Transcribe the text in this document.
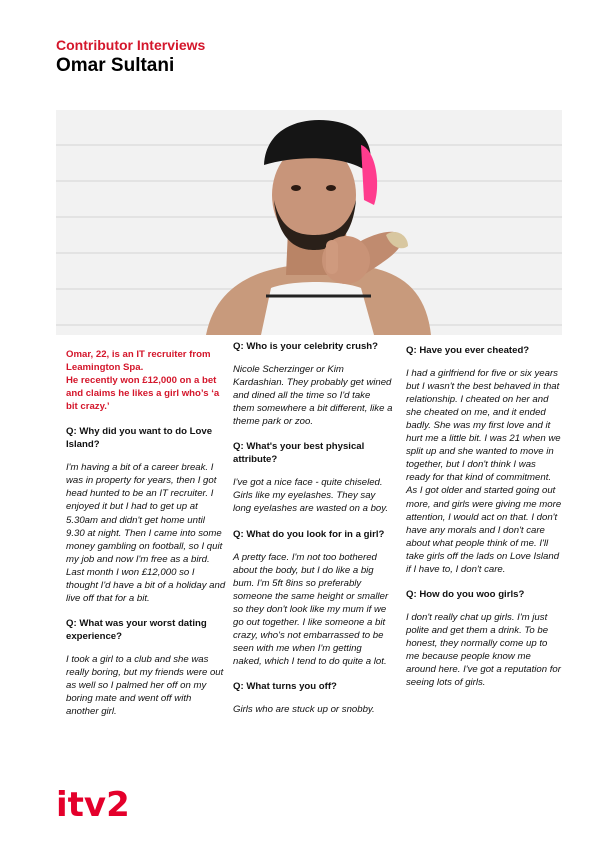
Contributor Interviews
Omar Sultani

Omar, 22, is an IT recruiter from Leamington Spa.

He recently won £12,000 on a bet and claims he likes a girl who’s ‘a bit crazy.’

Q: Why did you want to do Love Island?

I'm having a bit of a career break. I was in property for years, then I got head hunted to be an IT recruiter. I enjoyed it but I had to get up at 5.30am and didn't get home until 9.30 at night. Then I came into some money gambling on football, so I quit my job and now I'm free as a bird. Last month I won £12,000 so I thought I'd have a bit of a holiday and live off that for a bit.

Q: What was your worst dating experience?

I took a girl to a club and she was really boring, but my friends were out as well so I palmed her off on my boring mate and went off with another girl.

Q: Who is your celebrity crush?

Nicole Scherzinger or Kim Kardashian. They probably get wined and dined all the time so I'd take them somewhere a bit different, like a theme park or zoo.

Q: What's your best physical attribute?

I've got a nice face - quite chiseled. Girls like my eyelashes. They say long eyelashes are wasted on a boy.

Q: What do you look for in a girl?

A pretty face. I'm not too bothered about the body, but I do like a big bum. I'm 5ft 8ins so preferably someone the same height or smaller so they don't look like my mum if we go out together. I like someone a bit crazy, who's not embarrassed to be seen with me when I'm getting naked, which I tend to do quite a lot.

Q: What turns you off?

Girls who are stuck up or snobby.

Q: Have you ever cheated?

I had a girlfriend for five or six years but I wasn't the best behaved in that relationship. I cheated on her and she cheated on me, and it ended badly. She was my first love and it hurt me a little bit. I was 21 when we split up and she wanted to move in together, but I don't think I was ready for that kind of commitment. As I got older and started going out more, and girls were giving me more attention, I would act on that. I don't have any morals and I don't care about what people think of me. I'll take girls off the lads on Love Island if I have to, I don't care.

Q: How do you woo girls?

I don't really chat up girls. I'm just polite and get them a drink. To be honest, they normally come up to me because people know me around here. I've got a reputation for seeing lots of girls.

itv2
